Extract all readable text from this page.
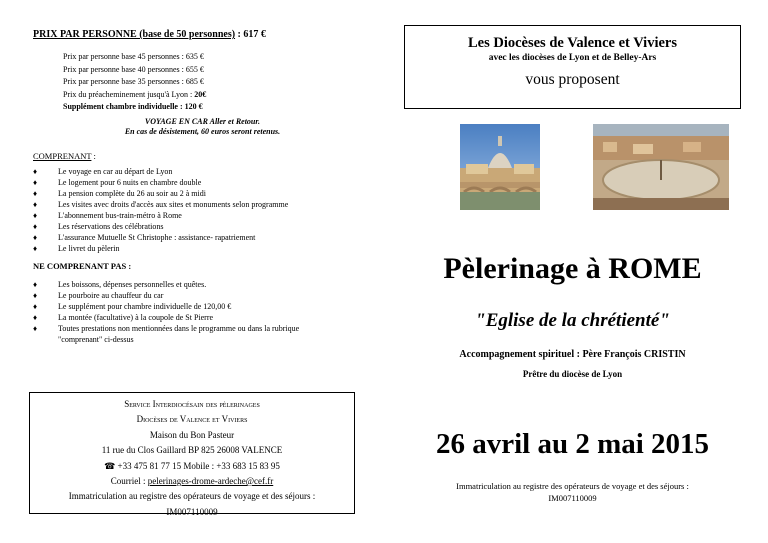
PRIX PAR PERSONNE (base de 50 personnes) : 617 €
Prix par personne base 45 personnes : 635 €
Prix par personne base 40 personnes : 655 €
Prix par personne base 35 personnes : 685 €
Prix du préacheminement jusqu'à Lyon : 20€
Supplément chambre individuelle : 120 €
VOYAGE EN CAR Aller et Retour.
En cas de désistement, 60 euros seront retenus.
COMPRENANT :
♦	Le voyage en car au départ de Lyon
♦	Le logement pour 6 nuits en chambre double
♦	La pension complète du 26 au soir au 2 à midi
♦	Les visites avec droits d'accès aux sites et monuments selon programme
♦	L'abonnement bus-train-métro à Rome
♦	Les réservations des célébrations
♦	L'assurance Mutuelle St Christophe : assistance- rapatriement
♦	Le livret du pèlerin
NE COMPRENANT PAS :
♦	Les boissons, dépenses personnelles et quêtes.
♦	Le pourboire au chauffeur du car
♦	Le supplément pour chambre individuelle de 120,00 €
♦	La montée (facultative) à la coupole de St Pierre
♦	Toutes prestations non mentionnées dans le programme ou dans la rubrique "comprenant" ci-dessus
Service Interdiocésain des pèlerinages
Diocèses de Valence et Viviers
Maison du Bon Pasteur
11 rue du Clos Gaillard BP 825 26008 VALENCE
☎ +33 475 81 77 15 Mobile : +33 683 15 83 95
Courriel : pelerinages-drome-ardeche@cef.fr
Immatriculation au registre des opérateurs de voyage et des séjours :
IM007110009
Les Diocèses de Valence et Viviers
avec les diocèses de Lyon et de Belley-Ars
vous proposent
Pèlerinage à ROME
"Eglise de la chrétienté"
Accompagnement spirituel : Père François CRISTIN
Prêtre du diocèse de Lyon
26 avril au 2 mai 2015
Immatriculation au registre des opérateurs de voyage et des séjours :
IM007110009
